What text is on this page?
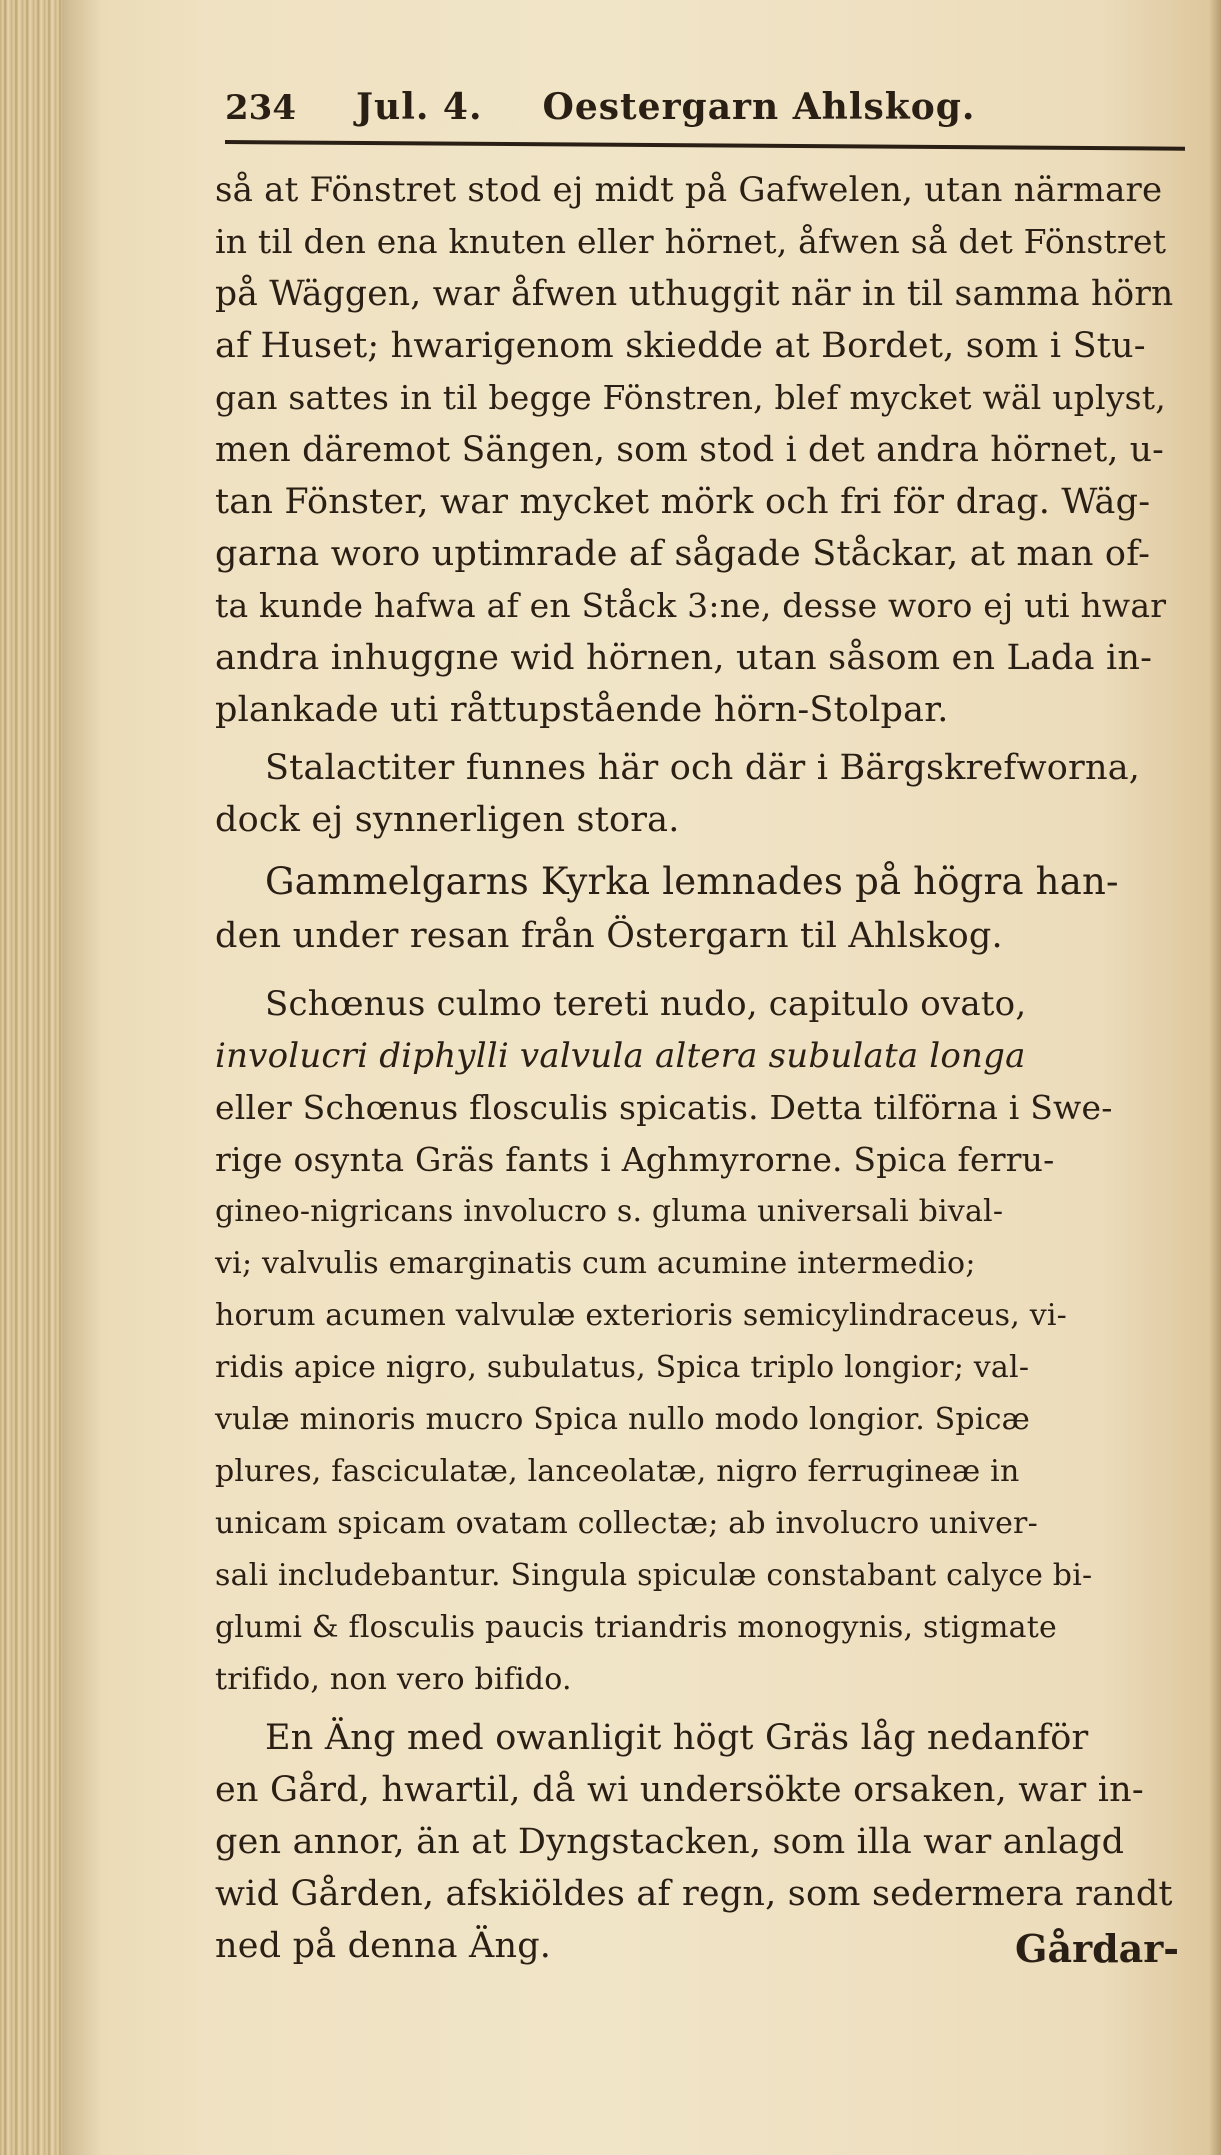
234 Jul. 4. Oestergarn Ahlskog.
så at Fönstret stod ej midt på Gafwelen, utan närmare
in til den ena knuten eller hörnet, åfwen så det Fönstret
på Wäggen, war åfwen uthuggit när in til samma hörn
af Huset; hwarigenom skiedde at Bordet, som i Stu-
gan sattes in til begge Fönstren, blef mycket wäl uplyst,
men däremot Sängen, som stod i det andra hörnet, u-
tan Fönster, war mycket mörk och fri för drag. Wäg-
garna woro uptimrade af sågade Ståckar, at man of-
ta kunde hafwa af en Ståck 3:ne, desse woro ej uti hwar
andra inhuggne wid hörnen, utan såsom en Lada in-
plankade uti råttupstående hörn-Stolpar.
Stalactiter funnes här och där i Bärgskrefworna,
dock ej synnerligen stora.
Gammelgarns Kyrka lemnades på högra han-
den under resan från Östergarn til Ahlskog.
Schœnus culmo tereti nudo, capitulo ovato,
involucri diphylli valvula altera subulata longa
eller Schœnus flosculis spicatis. Detta tilförna i Swe-
rige osynta Gräs fants i Aghmyrorne. Spica ferru-
gineo-nigricans involucro s. gluma universali bival-
vi; valvulis emarginatis cum acumine intermedio;
horum acumen valvulæ exterioris semicylindraceus, vi-
ridis apice nigro, subulatus, Spica triplo longior; val-
vulæ minoris mucro Spica nullo modo longior. Spicæ
plures, fasciculatæ, lanceolatæ, nigro ferrugineæ in
unicam spicam ovatam collectæ; ab involucro univer-
sali includebantur. Singula spiculæ constabant calyce bi-
glumi & flosculis paucis triandris monogynis, stigmate
trifido, non vero bifido.
En Äng med owanligit högt Gräs låg nedanför
en Gård, hwartil, då wi undersökte orsaken, war in-
gen annor, än at Dyngstacken, som illa war anlagd
wid Gården, afskiöldes af regn, som sedermera randt
ned på denna Äng.	Gårdar-
